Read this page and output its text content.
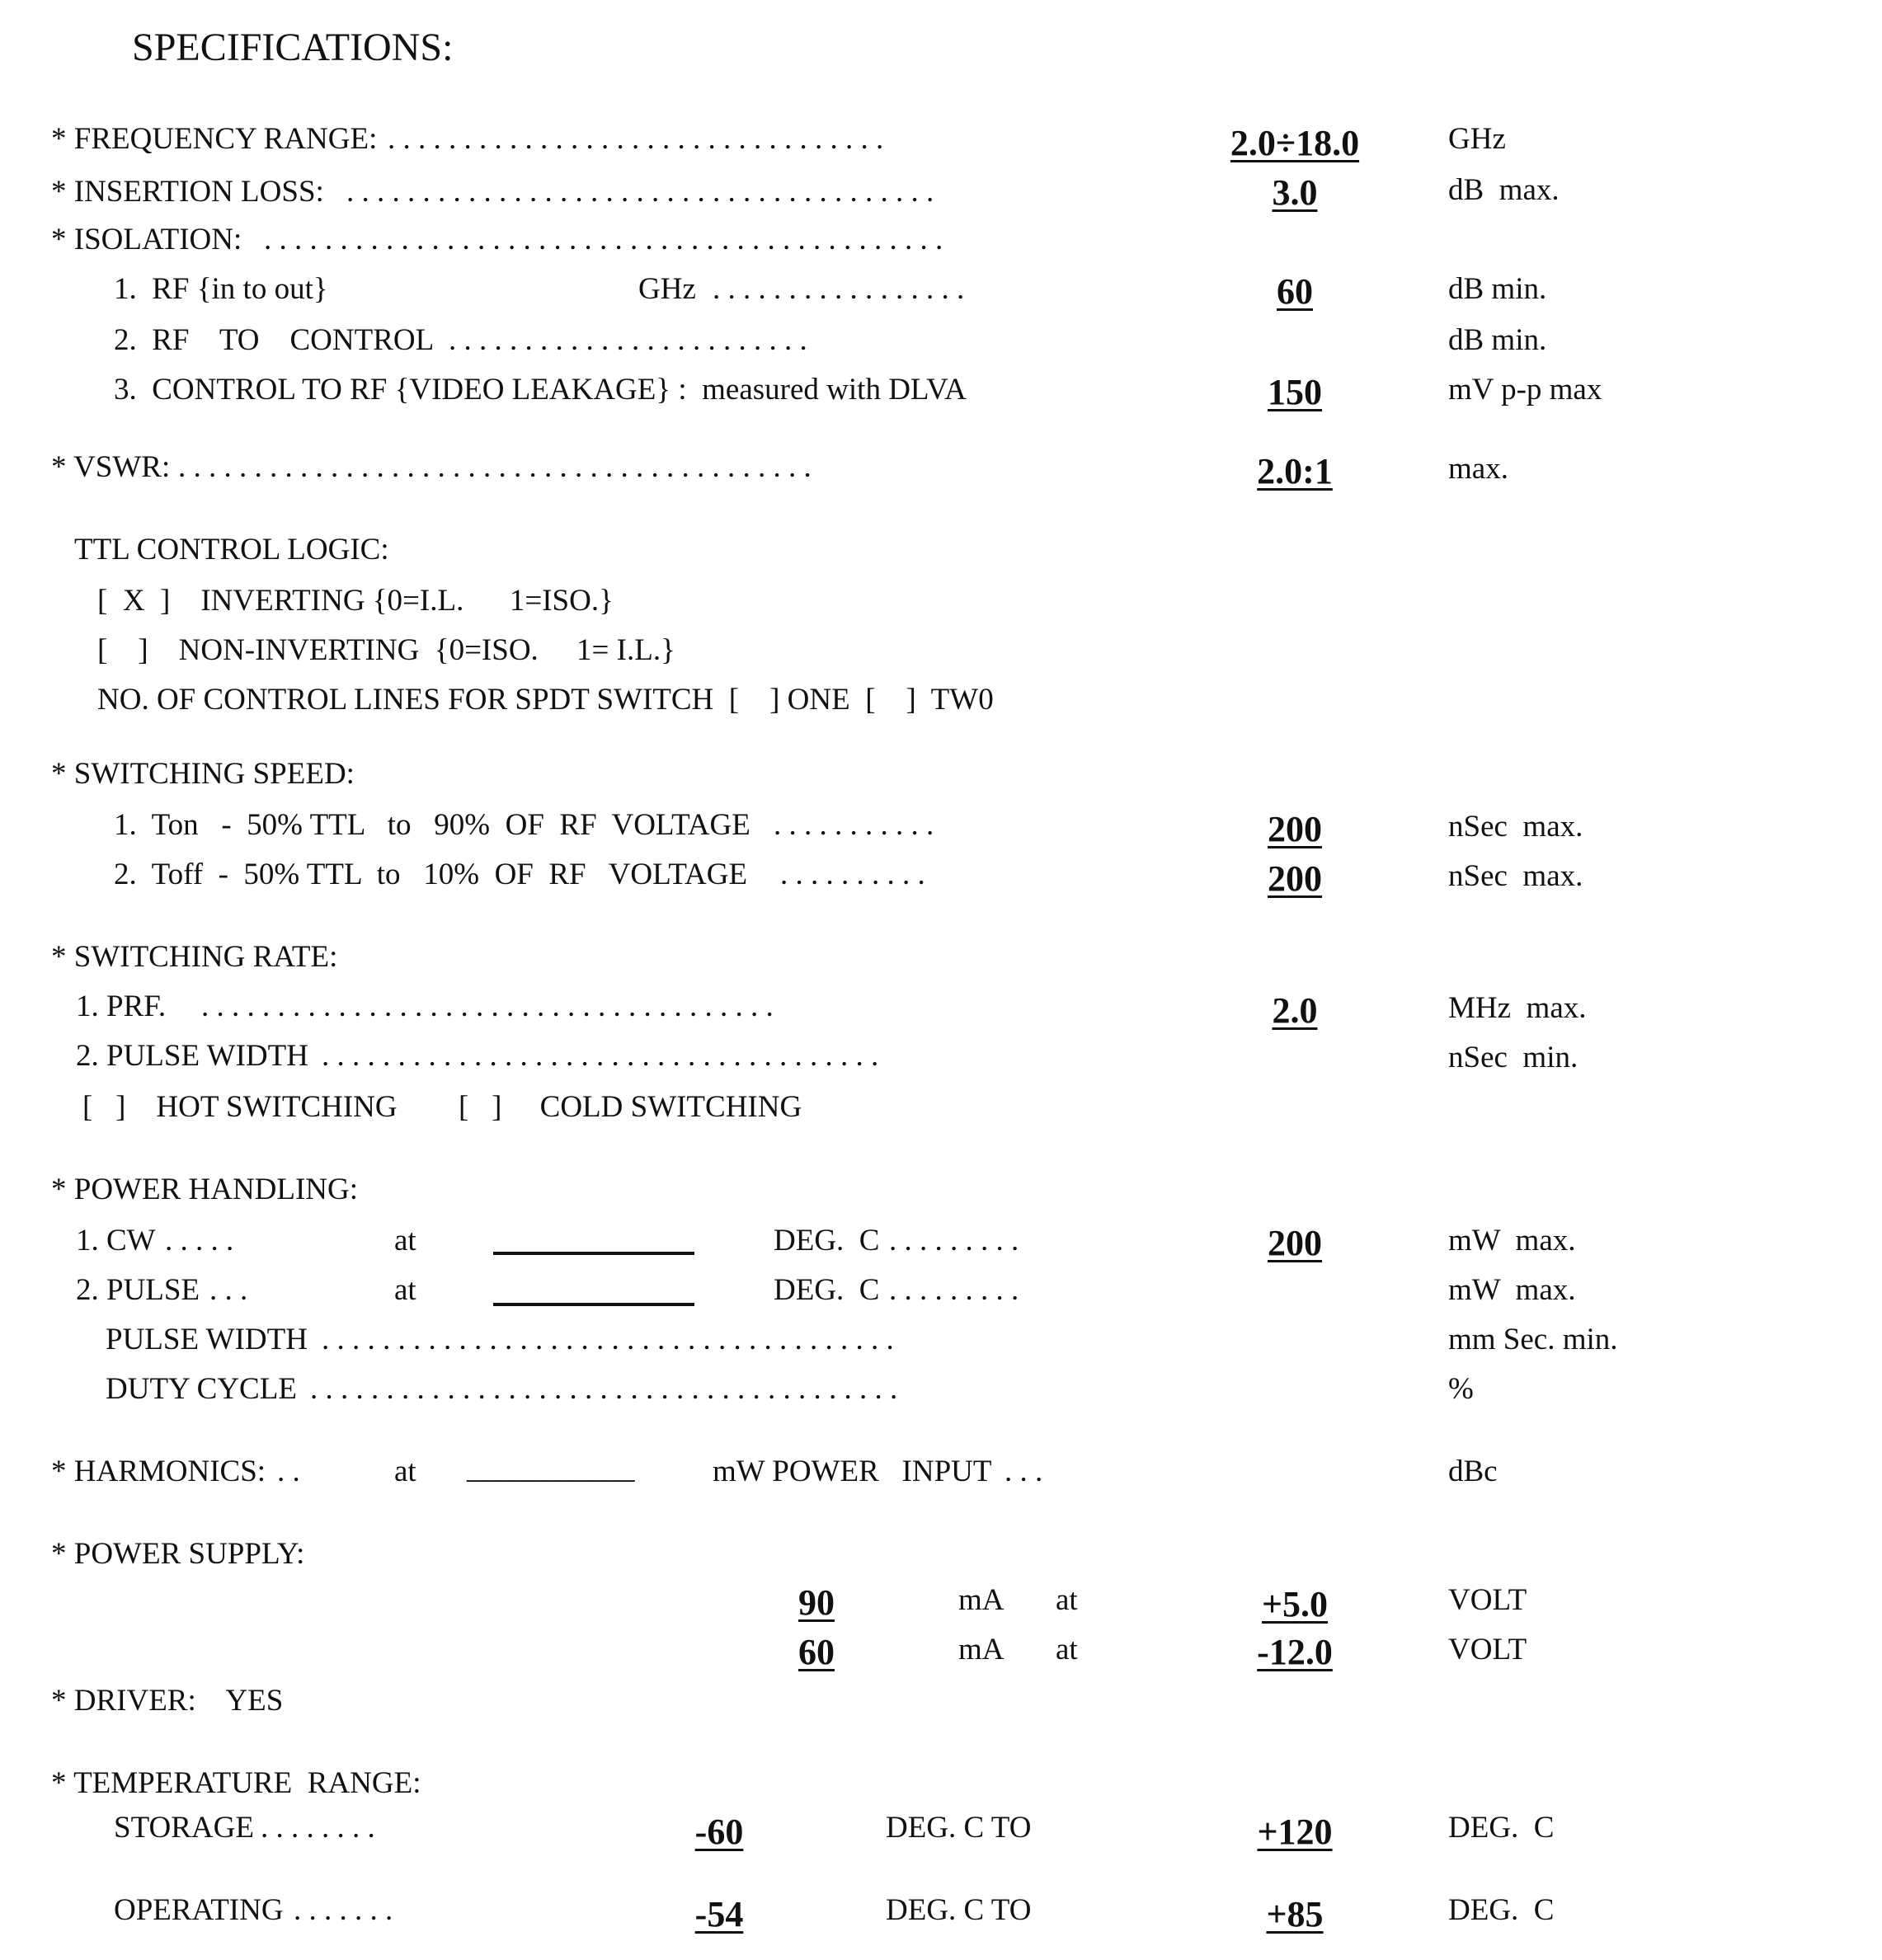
SPECIFICATIONS:
* FREQUENCY RANGE: . . . . . . . . . . . . . . . . . . . . . . . . . . . . . . . . .	2.0÷18.0	GHz
* INSERTION LOSS: . . . . . . . . . . . . . . . . . . . . . . . . . . . . . . . . . . . . . . .	3.0	dB  max.
* ISOLATION: . . . . . . . . . . . . . . . . . . . . . . . . . . . . . . . . . . . . . . . . . . . . .
1.  RF {in to out}	GHz . . . . . . . . . . . . . . . . .	60	dB min.
2.  RF    TO    CONTROL . . . . . . . . . . . . . . . . . . . . . . . .	dB min.
3.  CONTROL TO RF {VIDEO LEAKAGE} :  measured with DLVA	150	mV p-p max
* VSWR: . . . . . . . . . . . . . . . . . . . . . . . . . . . . . . . . . . . . . . . . . .	2.0:1	max.
TTL CONTROL LOGIC:
[  X  ]    INVERTING {0=I.L.      1=ISO.}
[    ]    NON-INVERTING  {0=ISO.     1= I.L.}
NO. OF CONTROL LINES FOR SPDT SWITCH  [    ] ONE  [    ]  TW0
* SWITCHING SPEED:
1.  Ton   -  50% TTL   to   90%  OF  RF  VOLTAGE . . . . . . . . . . .	200	nSec  max.
2.  Toff  -  50% TTL  to   10%  OF  RF   VOLTAGE . . . . . . . . . .	200	nSec  max.
* SWITCHING RATE:
1. PRF. . . . . . . . . . . . . . . . . . . . . . . . . . . . . . . . . . . . . . .	2.0	MHz  max.
2. PULSE WIDTH . . . . . . . . . . . . . . . . . . . . . . . . . . . . . . . . . . . . .	nSec  min.
[   ]    HOT SWITCHING [   ]     COLD SWITCHING
* POWER HANDLING:
1. CW . . . . .	at	DEG.  C . . . . . . . . .	200	mW  max.
2. PULSE . . .	at	DEG.  C . . . . . . . . .	mW  max.
PULSE WIDTH . . . . . . . . . . . . . . . . . . . . . . . . . . . . . . . . . . . . . .	mm Sec. min.
DUTY CYCLE . . . . . . . . . . . . . . . . . . . . . . . . . . . . . . . . . . . . . . .	%
* HARMONICS: . .	at ___________	mW POWER   INPUT . . .	dBc
* POWER SUPPLY:
90	mA at	+5.0	VOLT
60	mA at	-12.0	VOLT
* DRIVER:    YES
* TEMPERATURE  RANGE:
STORAGE . . . . . . . .	-60	DEG. C TO	+120	DEG.  C
OPERATING . . . . . . .	-54	DEG. C TO	+85	DEG.  C
